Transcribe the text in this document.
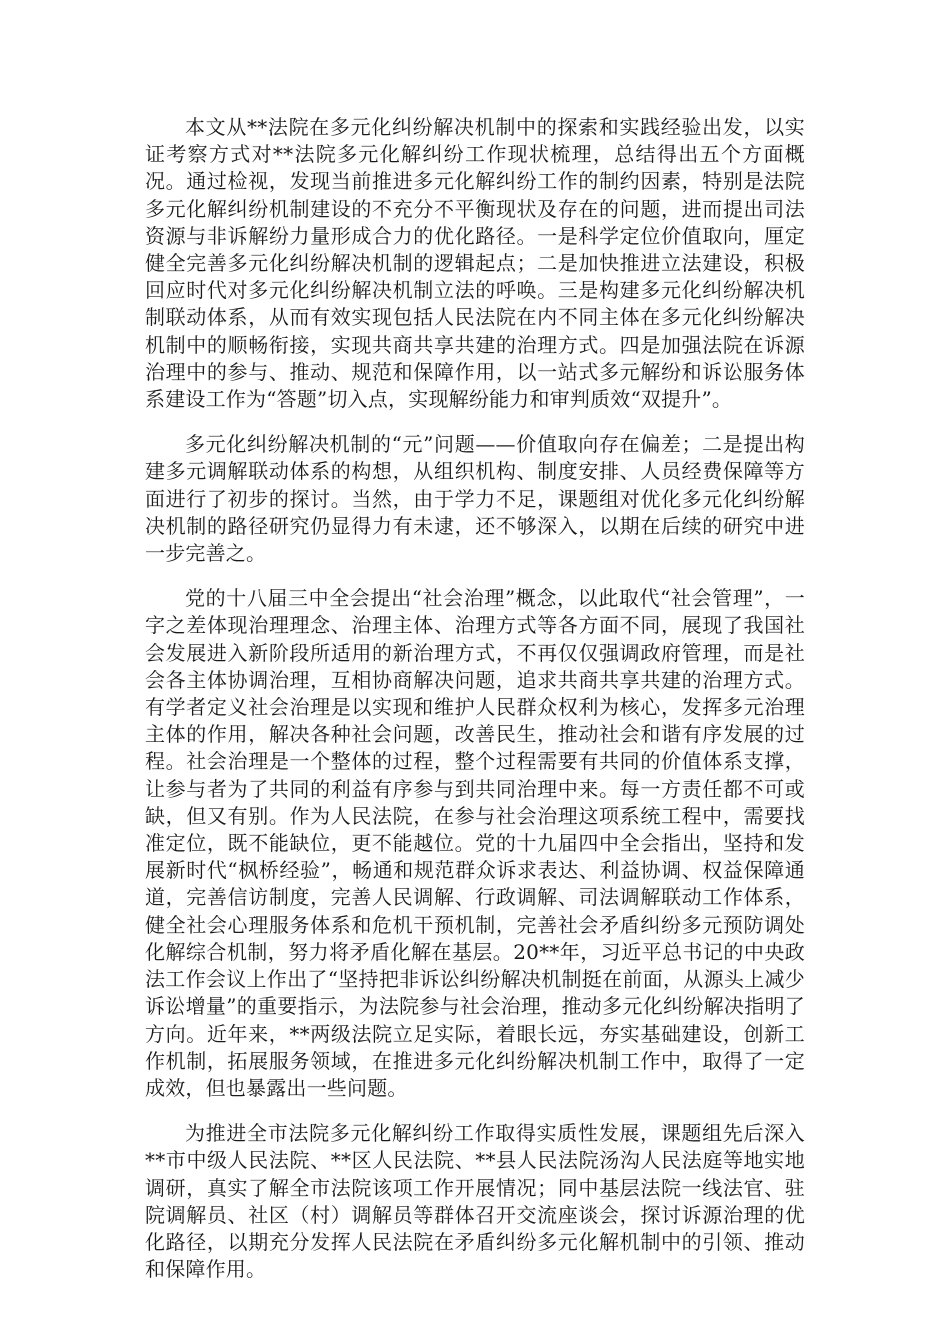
本文从**法院在多元化纠纷解决机制中的探索和实践经验出发，以实证考察方式对**法院多元化解纠纷工作现状梳理，总结得出五个方面概况。通过检视，发现当前推进多元化解纠纷工作的制约因素，特别是法院多元化解纠纷机制建设的不充分不平衡现状及存在的问题，进而提出司法资源与非诉解纷力量形成合力的优化路径。一是科学定位价值取向，厘定健全完善多元化纠纷解决机制的逻辑起点；二是加快推进立法建设，积极回应时代对多元化纠纷解决机制立法的呼唤。三是构建多元化纠纷解决机制联动体系，从而有效实现包括人民法院在内不同主体在多元化纠纷解决机制中的顺畅衔接，实现共商共享共建的治理方式。四是加强法院在诉源治理中的参与、推动、规范和保障作用，以一站式多元解纷和诉讼服务体系建设工作为“答题”切入点，实现解纷能力和审判质效“双提升”。

多元化纠纷解决机制的“元”问题——价值取向存在偏差；二是提出构建多元调解联动体系的构想，从组织机构、制度安排、人员经费保障等方面进行了初步的探讨。当然，由于学力不足，课题组对优化多元化纠纷解决机制的路径研究仍显得力有未逮，还不够深入，以期在后续的研究中进一步完善之。

党的十八届三中全会提出“社会治理”概念，以此取代“社会管理”，一字之差体现治理理念、治理主体、治理方式等各方面不同，展现了我国社会发展进入新阶段所适用的新治理方式，不再仅仅强调政府管理，而是社会各主体协调治理，互相协商解决问题，追求共商共享共建的治理方式。有学者定义社会治理是以实现和维护人民群众权利为核心，发挥多元治理主体的作用，解决各种社会问题，改善民生，推动社会和谐有序发展的过程。社会治理是一个整体的过程，整个过程需要有共同的价值体系支撑，让参与者为了共同的利益有序参与到共同治理中来。每一方责任都不可或缺，但又有别。作为人民法院，在参与社会治理这项系统工程中，需要找准定位，既不能缺位，更不能越位。党的十九届四中全会指出，坚持和发展新时代“枫桥经验”，畅通和规范群众诉求表达、利益协调、权益保障通道，完善信访制度，完善人民调解、行政调解、司法调解联动工作体系，健全社会心理服务体系和危机干预机制，完善社会矛盾纠纷多元预防调处化解综合机制，努力将矛盾化解在基层。20**年，习近平总书记的中央政法工作会议上作出了“坚持把非诉讼纠纷解决机制挺在前面，从源头上减少诉讼增量”的重要指示，为法院参与社会治理，推动多元化纠纷解决指明了方向。近年来，**两级法院立足实际，着眼长远，夯实基础建设，创新工作机制，拓展服务领域，在推进多元化纠纷解决机制工作中，取得了一定成效，但也暴露出一些问题。

为推进全市法院多元化解纠纷工作取得实质性发展，课题组先后深入**市中级人民法院、**区人民法院、**县人民法院汤沟人民法庭等地实地调研，真实了解全市法院该项工作开展情况；同中基层法院一线法官、驻院调解员、社区（村）调解员等群体召开交流座谈会，探讨诉源治理的优化路径，以期充分发挥人民法院在矛盾纠纷多元化解机制中的引领、推动和保障作用。
